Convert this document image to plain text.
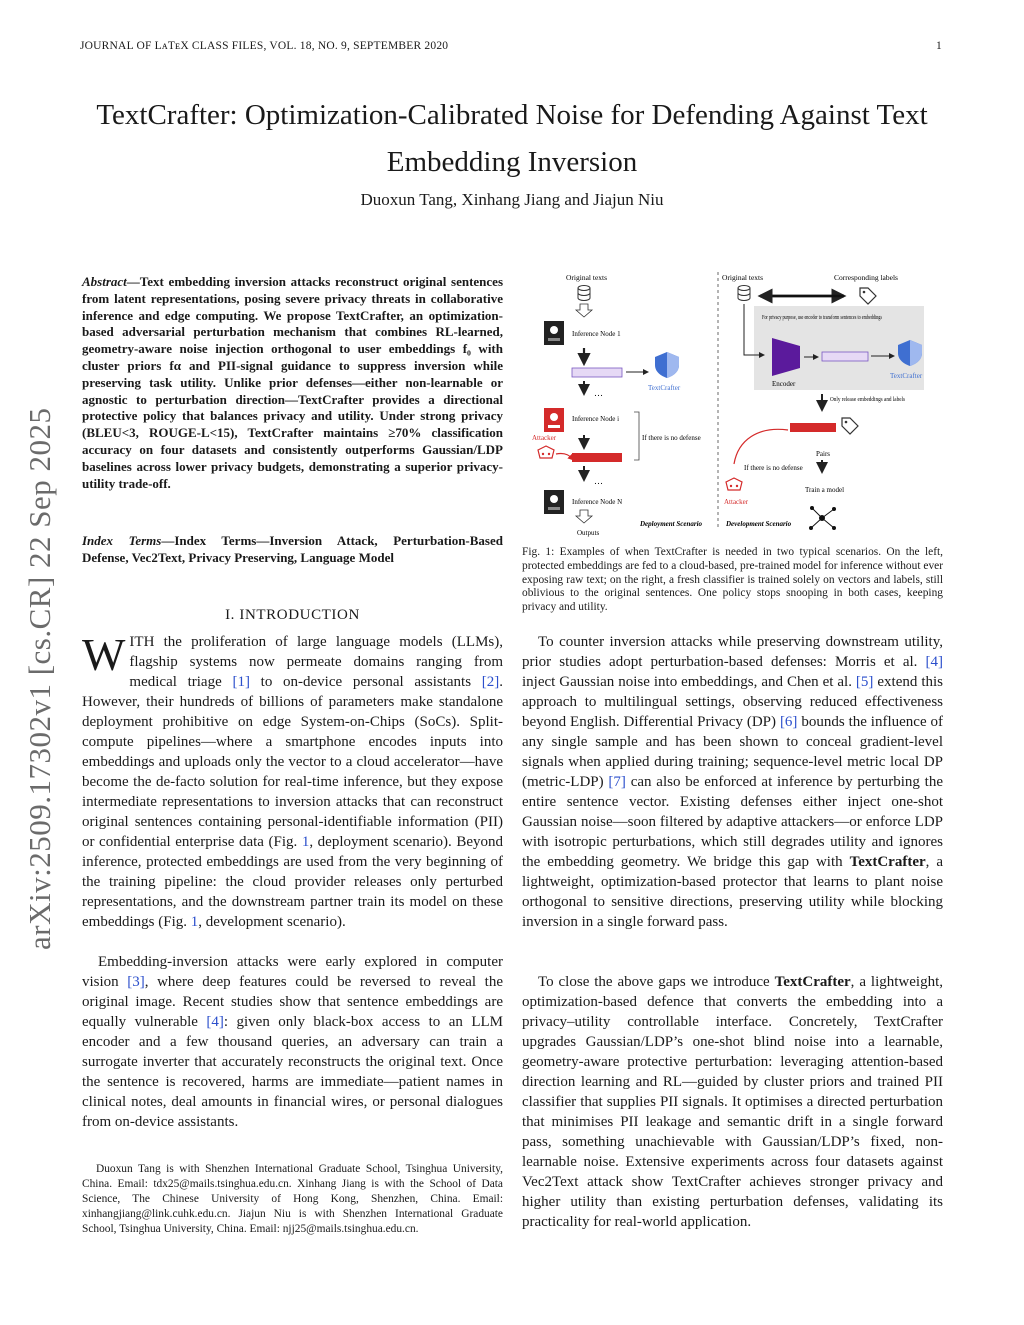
JOURNAL OF LᴀTᴇX CLASS FILES, VOL. 18, NO. 9, SEPTEMBER 2020	1
TextCrafter: Optimization-Calibrated Noise for Defending Against Text Embedding Inversion
Duoxun Tang, Xinhang Jiang and Jiajun Niu
arXiv:2509.17302v1 [cs.CR] 22 Sep 2025
Abstract—Text embedding inversion attacks reconstruct original sentences from latent representations, posing severe privacy threats in collaborative inference and edge computing. We propose TextCrafter, an optimization-based adversarial perturbation mechanism that combines RL-learned, geometry-aware noise injection orthogonal to user embeddings f₀ with cluster priors fα and PII-signal guidance to suppress inversion while preserving task utility. Unlike prior defenses—either non-learnable or agnostic to perturbation direction—TextCrafter provides a directional protective policy that balances privacy and utility. Under strong privacy (BLEU<3, ROUGE-L<15), TextCrafter maintains ≥70% classification accuracy on four datasets and consistently outperforms Gaussian/LDP baselines across lower privacy budgets, demonstrating a superior privacy-utility trade-off.
Index Terms—Index Terms—Inversion Attack, Perturbation-Based Defense, Vec2Text, Privacy Preserving, Language Model
I. INTRODUCTION
WITH the proliferation of large language models (LLMs), flagship systems now permeate domains ranging from medical triage [1] to on-device personal assistants [2]. However, their hundreds of billions of parameters make standalone deployment prohibitive on edge System-on-Chips (SoCs). Split-compute pipelines—where a smartphone encodes inputs into embeddings and uploads only the vector to a cloud accelerator—have become the de-facto solution for real-time inference, but they expose intermediate representations to inversion attacks that can reconstruct original sentences containing personal-identifiable information (PII) or confidential enterprise data (Fig. 1, deployment scenario). Beyond inference, protected embeddings are used from the very beginning of the training pipeline: the cloud provider releases only perturbed representations, and the downstream partner train its model on these embeddings (Fig. 1, development scenario).
Embedding-inversion attacks were early explored in computer vision [3], where deep features could be reversed to reveal the original image. Recent studies show that sentence embeddings are equally vulnerable [4]: given only black-box access to an LLM encoder and a few thousand queries, an adversary can train a surrogate inverter that accurately reconstructs the original text. Once the sentence is recovered, harms are immediate—patient names in clinical notes, deal amounts in financial wires, or personal dialogues from on-device assistants.
Duoxun Tang is with Shenzhen International Graduate School, Tsinghua University, China. Email: tdx25@mails.tsinghua.edu.cn. Xinhang Jiang is with the School of Data Science, The Chinese University of Hong Kong, Shenzhen, China. Email: xinhangjiang@link.cuhk.edu.cn. Jiajun Niu is with Shenzhen International Graduate School, Tsinghua University, China. Email: njj25@mails.tsinghua.edu.cn.
Original texts
Inference Node 1
TextCrafter
…
Inference Node i
Attacker	If there is no defense
…
Inference Node N
Outputs
Deployment Scenario
Original texts	Corresponding labels
For privacy purpose, use encoder to transform sentences to embeddings
Encoder
TextCrafter
Only release embeddings and labels
Pairs
Train a model
If there is no defense
Attacker
Development Scenario
Fig. 1: Examples of when TextCrafter is needed in two typical scenarios. On the left, protected embeddings are fed to a cloud-based, pre-trained model for inference without ever exposing raw text; on the right, a fresh classifier is trained solely on vectors and labels, still oblivious to the original sentences. One policy stops snooping in both cases, keeping privacy and utility.
To counter inversion attacks while preserving downstream utility, prior studies adopt perturbation-based defenses: Morris et al. [4] inject Gaussian noise into embeddings, and Chen et al. [5] extend this approach to multilingual settings, observing reduced effectiveness beyond English. Differential Privacy (DP) [6] bounds the influence of any single sample and has been shown to conceal gradient-level signals when applied during training; sequence-level metric local DP (metric-LDP) [7] can also be enforced at inference by perturbing the entire sentence vector. Existing defenses either inject one-shot Gaussian noise—soon filtered by adaptive attackers—or enforce LDP with isotropic perturbations, which still degrades utility and ignores the embedding geometry. We bridge this gap with TextCrafter, a lightweight, optimization-based protector that learns to plant noise orthogonal to sensitive directions, preserving utility while blocking inversion in a single forward pass.
To close the above gaps we introduce TextCrafter, a lightweight, optimization-based defence that converts the embedding into a privacy–utility controllable interface. Concretely, TextCrafter upgrades Gaussian/LDP’s one-shot blind noise into a learnable, geometry-aware protective perturbation: leveraging attention-based direction learning and RL—guided by cluster priors and trained PII classifier that supplies PII signals. It optimises a directed perturbation that minimises PII leakage and semantic drift in a single forward pass, something unachievable with Gaussian/LDP’s fixed, non-learnable noise. Extensive experiments across four datasets against Vec2Text attack show TextCrafter achieves stronger privacy and higher utility than existing perturbation defenses, validating its practicality for real-world application.
